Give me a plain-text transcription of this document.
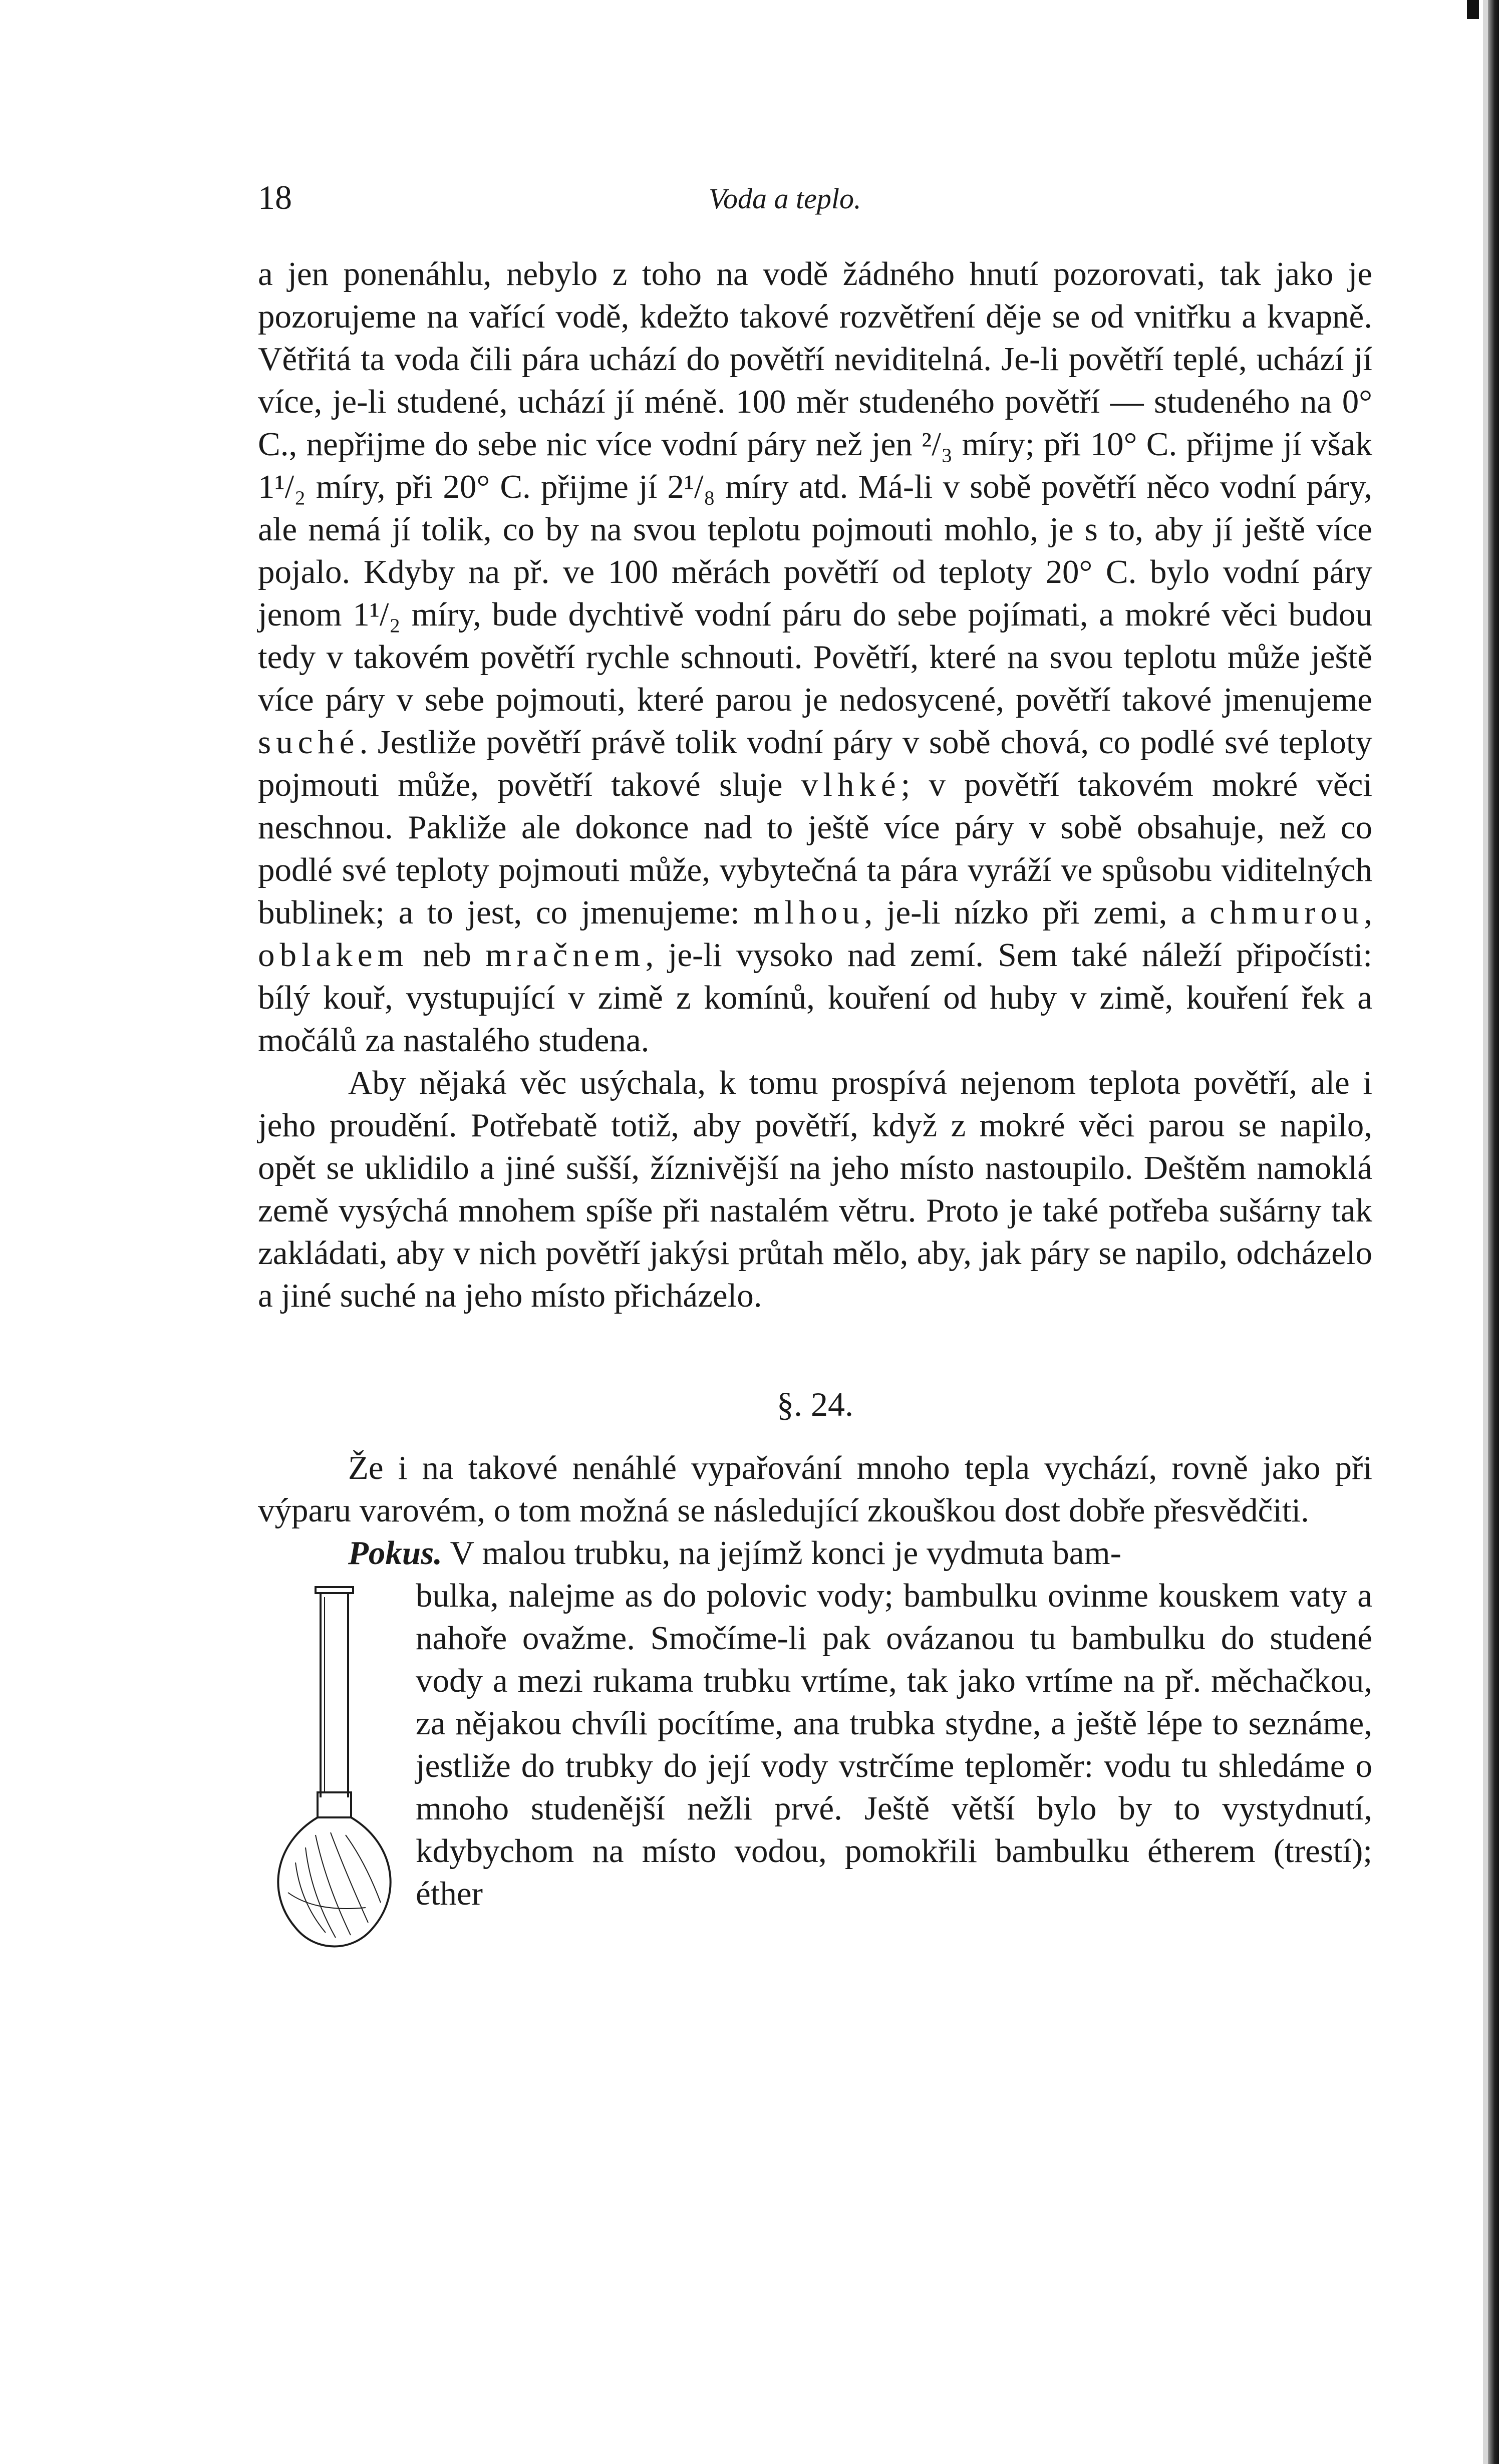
18	Voda a teplo.

a jen ponenáhlu, nebylo z toho na vodě žádného hnutí pozorovati, tak jako je pozorujeme na vařící vodě, kdežto takové rozvětření děje se od vnitřku a kvapně. Větřitá ta voda čili pára uchází do povětří neviditelná. Je-li povětří teplé, uchází jí více, je-li studené, uchází jí méně. 100 měr studeného povětří — studeného na 0° C., nepřijme do sebe nic více vodní páry než jen ²/₃ míry; při 10° C. přijme jí však 1¹/₂ míry, při 20° C. přijme jí 2¹/₈ míry atd. Má-li v sobě povětří něco vodní páry, ale nemá jí tolik, co by na svou teplotu pojmouti mohlo, je s to, aby jí ještě více pojalo. Kdyby na př. ve 100 měrách povětří od teploty 20° C. bylo vodní páry jenom 1¹/₂ míry, bude dychtivě vodní páru do sebe pojímati, a mokré věci budou tedy v takovém povětří rychle schnouti. Povětří, které na svou teplotu může ještě více páry v sebe pojmouti, které parou je nedosycené, povětří takové jmenujeme suché. Jestliže povětří právě tolik vodní páry v sobě chová, co podlé své teploty pojmouti může, povětří takové sluje vlhké; v povětří takovém mokré věci neschnou. Pakliže ale dokonce nad to ještě více páry v sobě obsahuje, než co podlé své teploty pojmouti může, vybytečná ta pára vyráží ve spůsobu viditelných bublinek; a to jest, co jmenujeme: mlhou, je-li nízko při zemi, a chmurou, oblakem neb mračnem, je-li vysoko nad zemí. Sem také náleží připočísti: bílý kouř, vystupující v zimě z komínů, kouření od huby v zimě, kouření řek a močálů za nastalého studena.

Aby nějaká věc usýchala, k tomu prospívá nejenom teplota povětří, ale i jeho proudění. Potřebatě totiž, aby povětří, když z mokré věci parou se napilo, opět se uklidilo a jiné sušší, žíznivější na jeho místo nastoupilo. Deštěm namoklá země vysýchá mnohem spíše při nastalém větru. Proto je také potřeba sušárny tak zakládati, aby v nich povětří jakýsi průtah mělo, aby, jak páry se napilo, odcházelo a jiné suché na jeho místo přicházelo.

§. 24.

Že i na takové nenáhlé vypařování mnoho tepla vychází, rovně jako při výparu varovém, o tom možná se následující zkouškou dost dobře přesvědčiti.

Pokus. V malou trubku, na jejímž konci je vydmuta bam-
bulka, nalejme as do polovic vody; bambulku ovinme kouskem vaty a nahoře ovažme. Smočíme-li pak ovázanou tu bambulku do studené vody a mezi rukama trubku vrtíme, tak jako vrtíme na př. měchačkou, za nějakou chvíli pocítíme, ana trubka stydne, a ještě lépe to seznáme, jestliže do trubky do její vody vstrčíme teploměr: vodu tu shledáme o mnoho studenější nežli prvé. Ještě větší bylo by to vystydnutí, kdybychom na místo vodou, pomokřili bambulku étherem (trestí); éther
